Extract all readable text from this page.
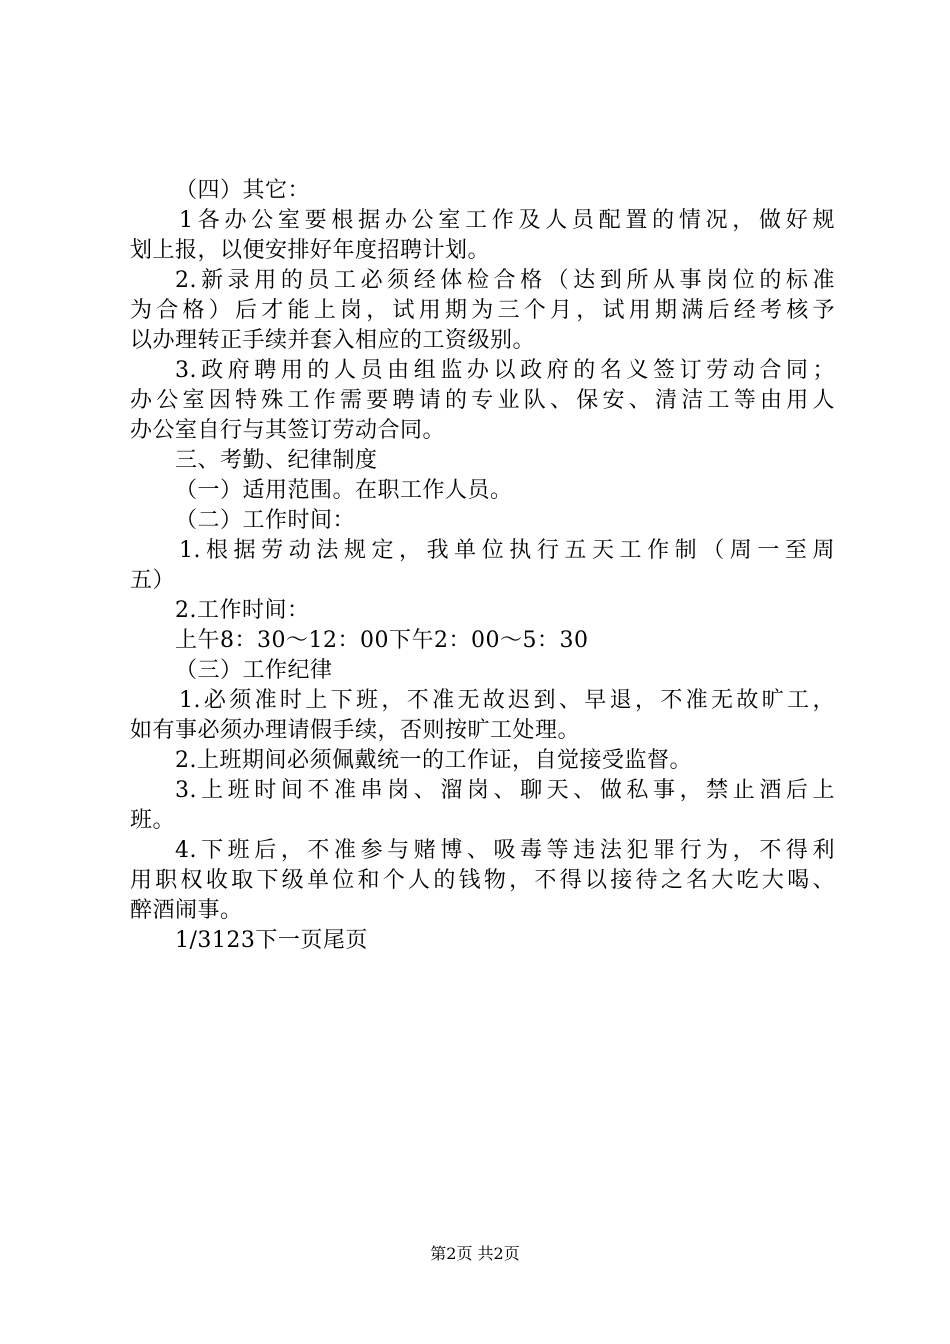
（四）其它：
1各办公室要根据办公室工作及人员配置的情况，做好规
划上报，以便安排好年度招聘计划。
2.新录用的员工必须经体检合格（达到所从事岗位的标准
为合格）后才能上岗，试用期为三个月，试用期满后经考核予
以办理转正手续并套入相应的工资级别。
3.政府聘用的人员由组监办以政府的名义签订劳动合同；
办公室因特殊工作需要聘请的专业队、保安、清洁工等由用人
办公室自行与其签订劳动合同。
三、考勤、纪律制度
（一）适用范围。在职工作人员。
（二）工作时间：
1.根据劳动法规定，我单位执行五天工作制（周一至周
五）
2.工作时间：
上午8：30～12：00下午2：00～5：30
（三）工作纪律
1.必须准时上下班，不准无故迟到、早退，不准无故旷工，
如有事必须办理请假手续，否则按旷工处理。
2.上班期间必须佩戴统一的工作证，自觉接受监督。
3.上班时间不准串岗、溜岗、聊天、做私事，禁止酒后上
班。
4.下班后，不准参与赌博、吸毒等违法犯罪行为，不得利
用职权收取下级单位和个人的钱物，不得以接待之名大吃大喝、
醉酒闹事。
1/3123下一页尾页
第2页 共2页
